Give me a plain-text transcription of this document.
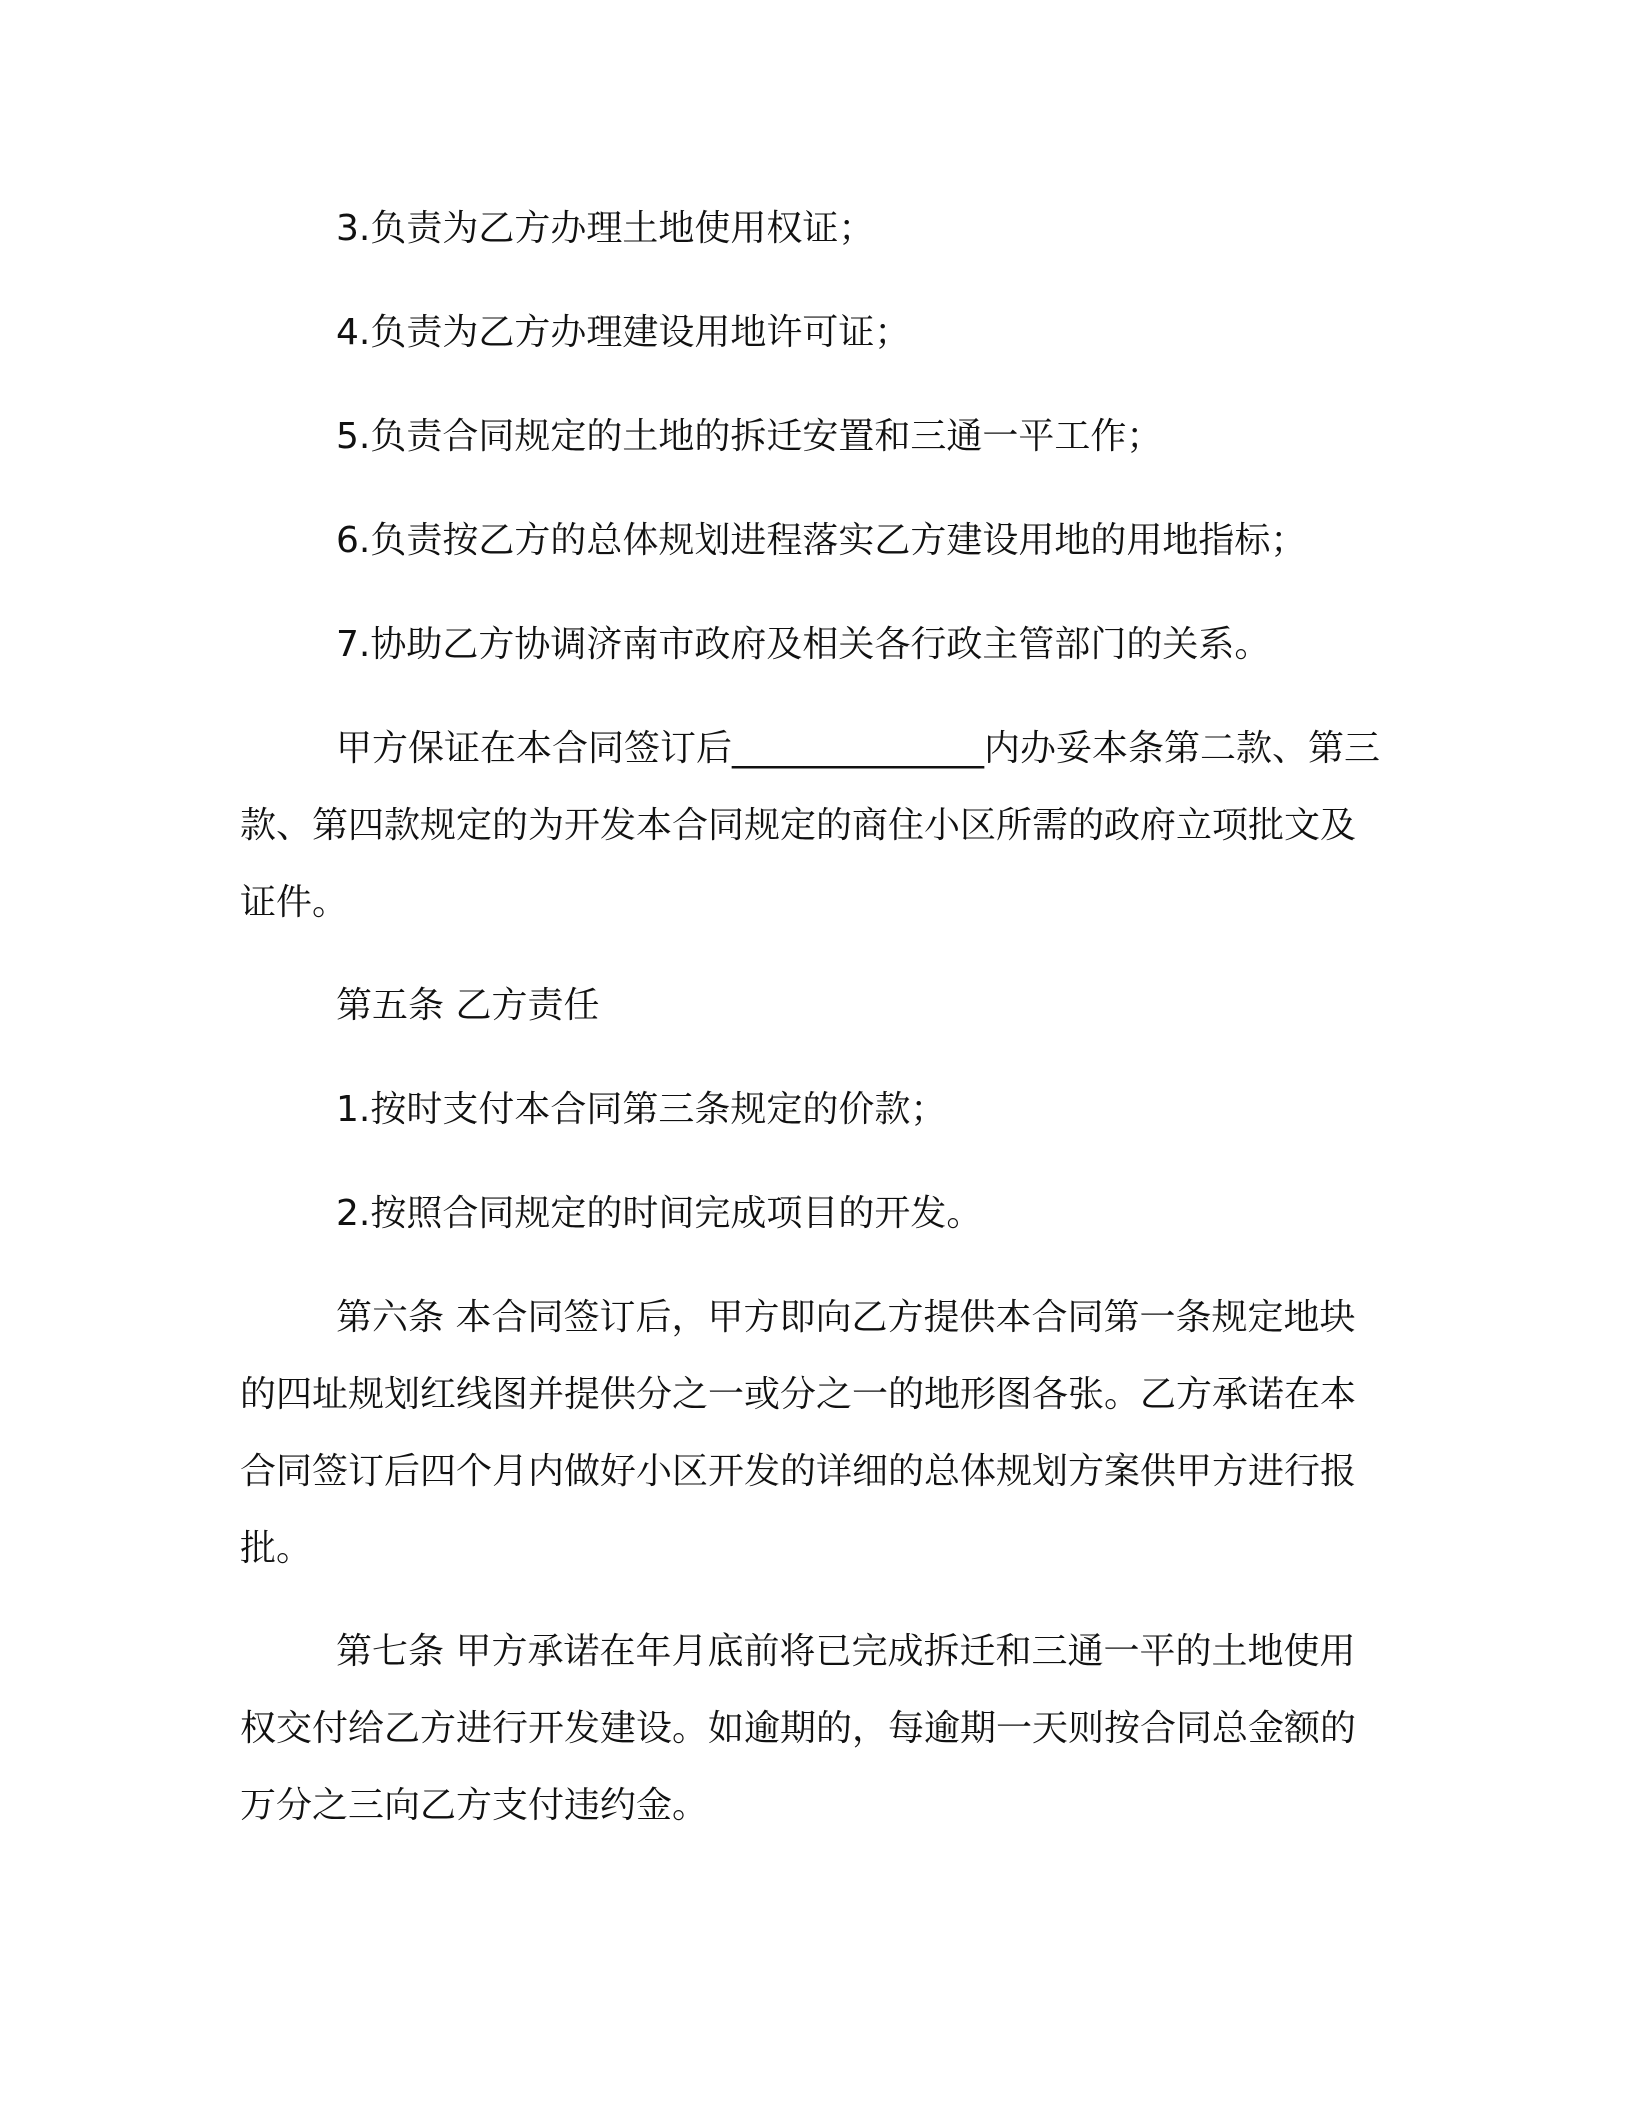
3.负责为乙方办理土地使用权证；

4.负责为乙方办理建设用地许可证；

5.负责合同规定的土地的拆迁安置和三通一平工作；

6.负责按乙方的总体规划进程落实乙方建设用地的用地指标；

7.协助乙方协调济南市政府及相关各行政主管部门的关系。

甲方保证在本合同签订后______________内办妥本条第二款、第三款、第四款规定的为开发本合同规定的商住小区所需的政府立项批文及证件。

第五条 乙方责任

1.按时支付本合同第三条规定的价款；

2.按照合同规定的时间完成项目的开发。

第六条 本合同签订后，甲方即向乙方提供本合同第一条规定地块的四址规划红线图并提供分之一或分之一的地形图各张。乙方承诺在本合同签订后四个月内做好小区开发的详细的总体规划方案供甲方进行报批。

第七条 甲方承诺在年月底前将已完成拆迁和三通一平的土地使用权交付给乙方进行开发建设。如逾期的，每逾期一天则按合同总金额的万分之三向乙方支付违约金。
